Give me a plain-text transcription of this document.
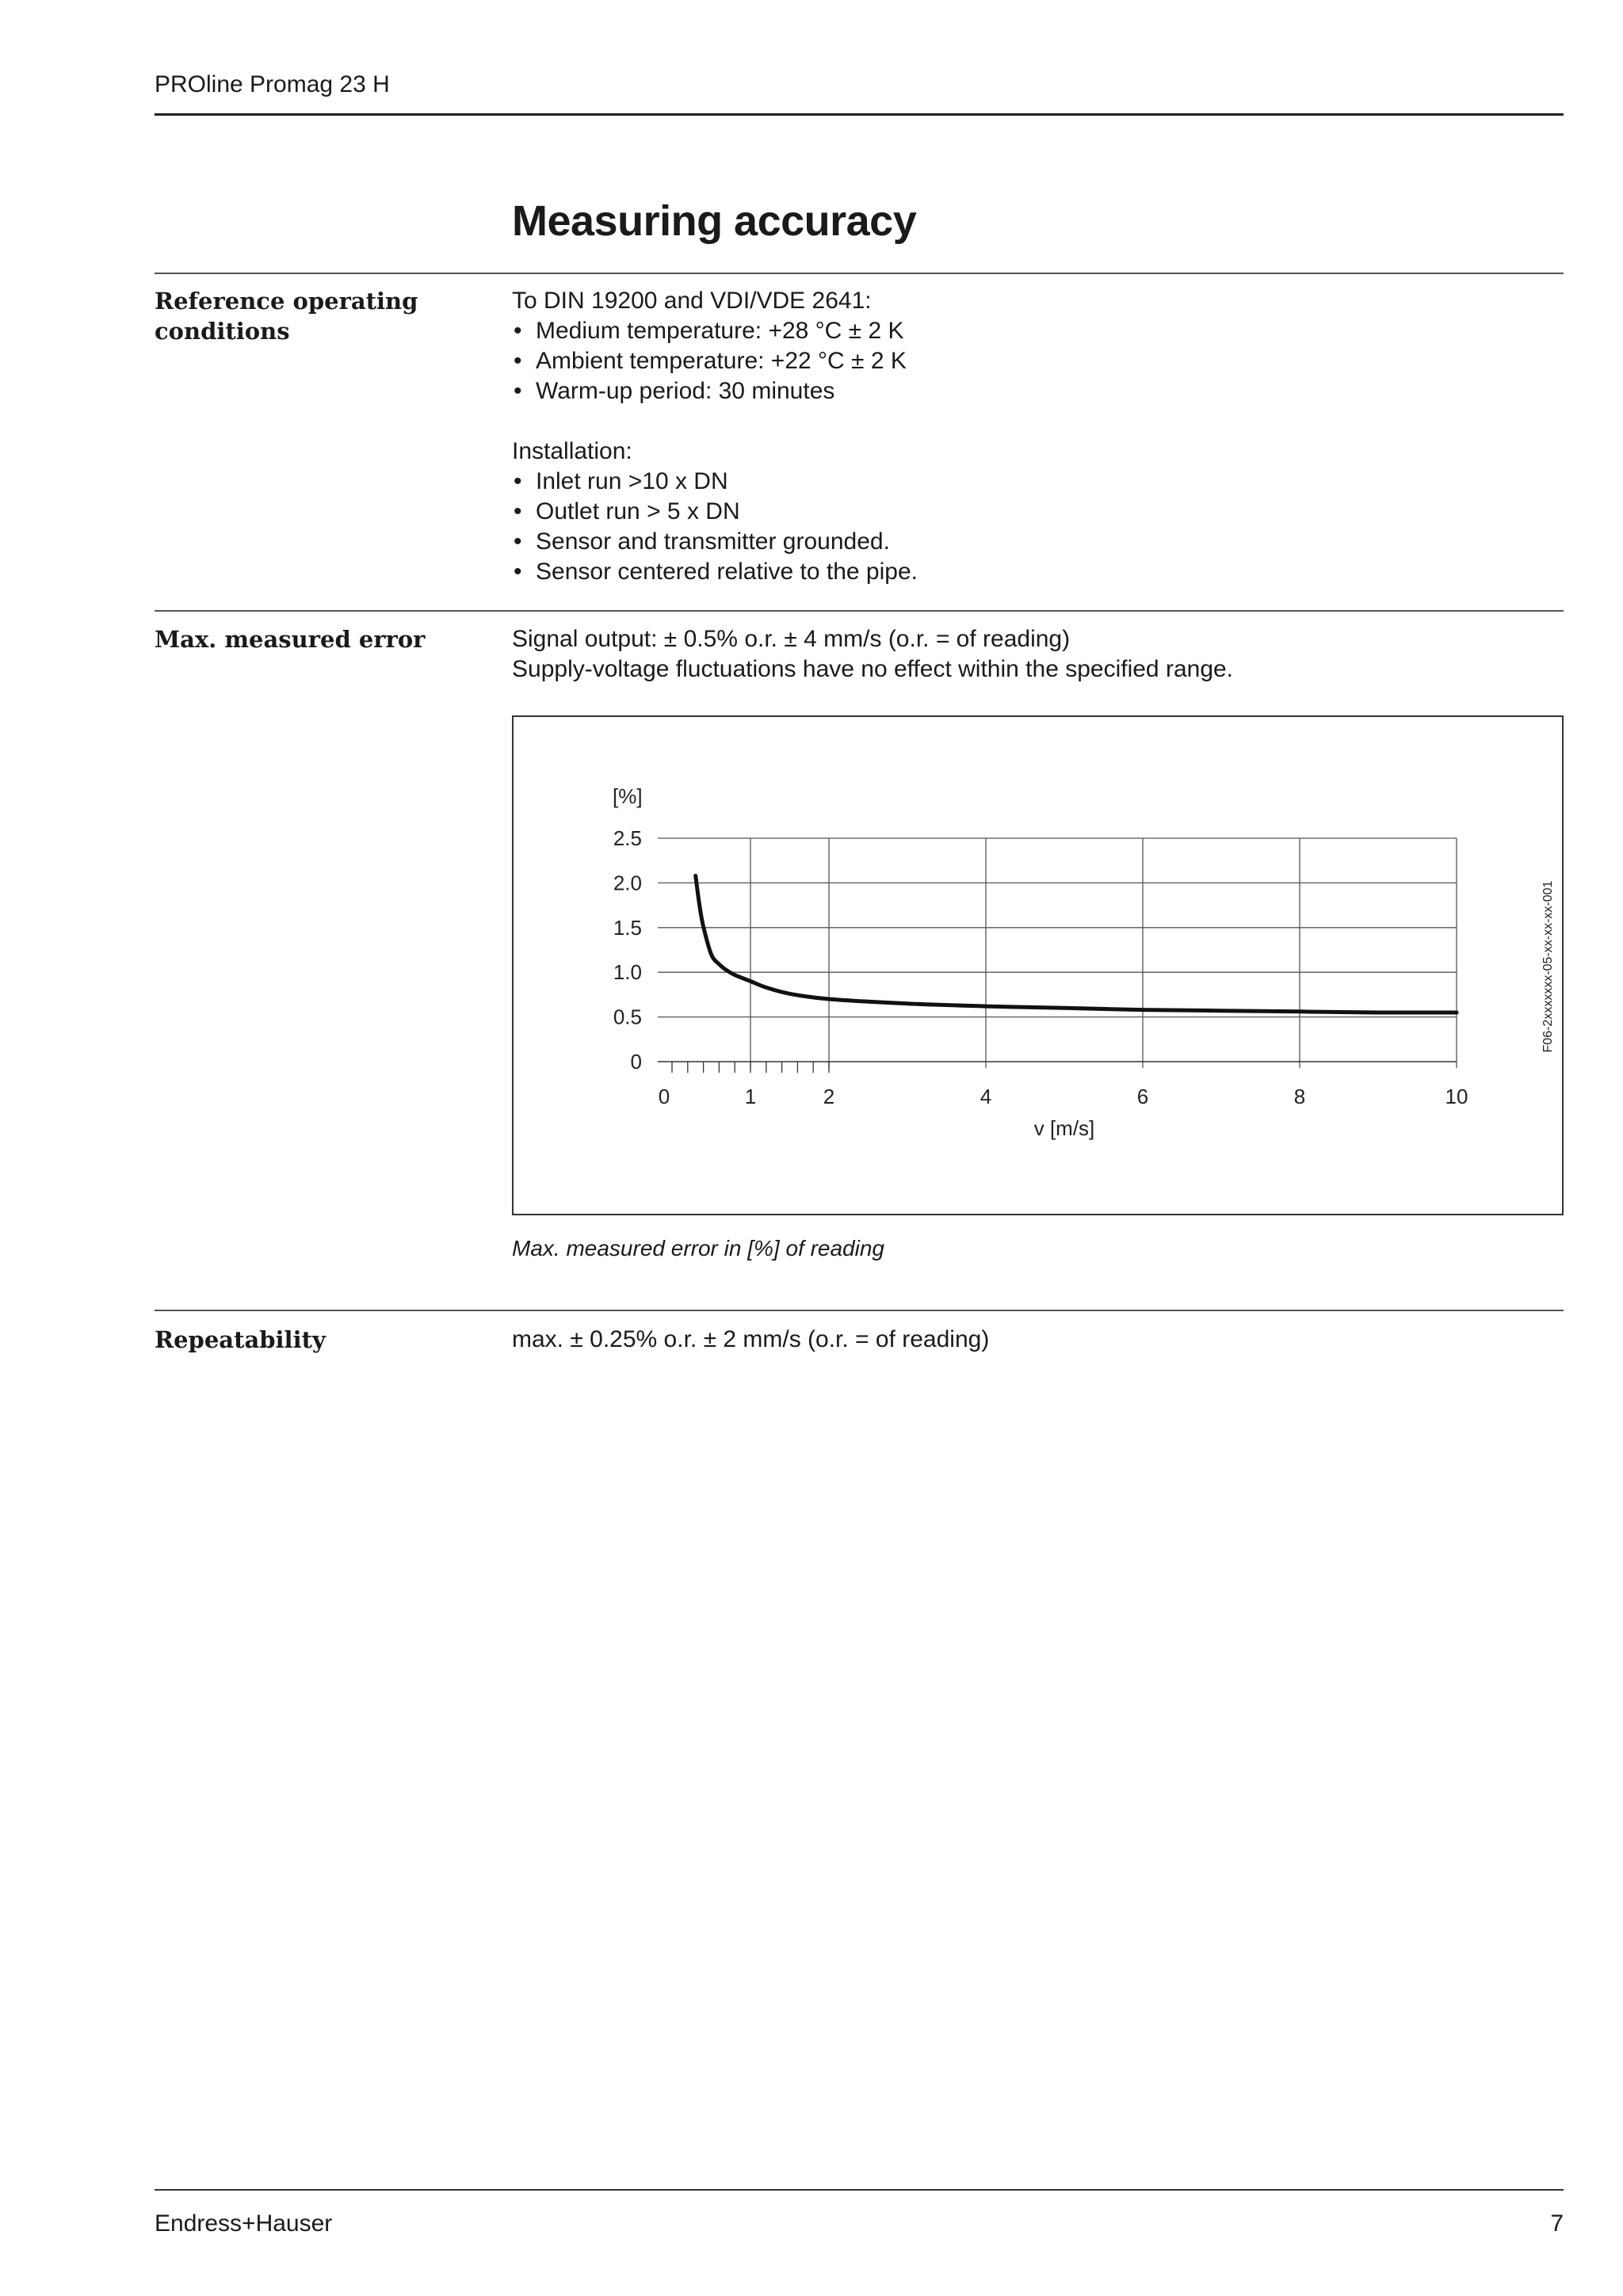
PROline Promag 23 H
Measuring accuracy
Reference operating conditions

To DIN 19200 and VDI/VDE 2641:

• Medium temperature: +28 °C ± 2 K
• Ambient temperature: +22 °C ± 2 K
• Warm-up period: 30 minutes

Installation:

• Inlet run >10 x DN
• Outlet run > 5 x DN
• Sensor and transmitter grounded.
• Sensor centered relative to the pipe.
Max. measured error	Signal output: ± 0.5% o.r. ± 4 mm/s (o.r. = of reading)

Supply-voltage fluctuations have no effect within the specified range.

0
0.5
1.0
1.5
2.0
2.5
0	1	2	4	6	8	10
[%]
v [m/s]
F06-2xxxxxxx-05-xx-xx-xx-001
Max. measured error in [%] of reading
Repeatability	max. ± 0.25% o.r. ± 2 mm/s (o.r. = of reading)

Endress+Hauser	7
